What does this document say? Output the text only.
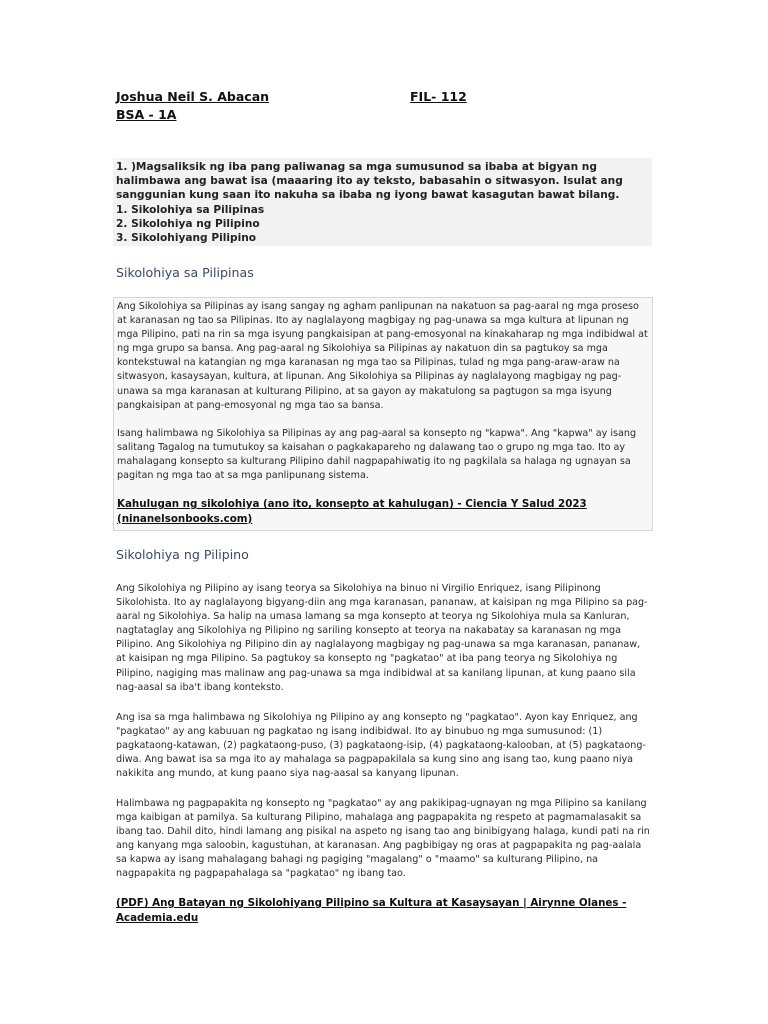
Joshua Neil S. Abacan	FIL- 112
BSA - 1A

1. )Magsaliksik ng iba pang paliwanag sa mga sumusunod sa ibaba at bigyan ng halimbawa ang bawat isa (maaaring ito ay teksto, babasahin o sitwasyon. Isulat ang sanggunian kung saan ito nakuha sa ibaba ng iyong bawat kasagutan bawat bilang.

1. Sikolohiya sa Pilipinas

2. Sikolohiya ng Pilipino

3. Sikolohiyang Pilipino

Sikolohiya sa Pilipinas

Ang Sikolohiya sa Pilipinas ay isang sangay ng agham panlipunan na nakatuon sa pag-aaral ng mga proseso at karanasan ng tao sa Pilipinas. Ito ay naglalayong magbigay ng pag-unawa sa mga kultura at lipunan ng mga Pilipino, pati na rin sa mga isyung pangkaisipan at pang-emosyonal na kinakaharap ng mga indibidwal at ng mga grupo sa bansa. Ang pag-aaral ng Sikolohiya sa Pilipinas ay nakatuon din sa pagtukoy sa mga kontekstuwal na katangian ng mga karanasan ng mga tao sa Pilipinas, tulad ng mga pang-araw-araw na sitwasyon, kasaysayan, kultura, at lipunan. Ang Sikolohiya sa Pilipinas ay naglalayong magbigay ng pag-unawa sa mga karanasan at kulturang Pilipino, at sa gayon ay makatulong sa pagtugon sa mga isyung pangkaisipan at pang-emosyonal ng mga tao sa bansa.

Isang halimbawa ng Sikolohiya sa Pilipinas ay ang pag-aaral sa konsepto ng "kapwa". Ang "kapwa" ay isang salitang Tagalog na tumutukoy sa kaisahan o pagkakapareho ng dalawang tao o grupo ng mga tao. Ito ay mahalagang konsepto sa kulturang Pilipino dahil nagpapahiwatig ito ng pagkilala sa halaga ng ugnayan sa pagitan ng mga tao at sa mga panlipunang sistema.

Kahulugan ng sikolohiya (ano ito, konsepto at kahulugan) - Ciencia Y Salud 2023 (ninanelsonbooks.com)
Sikolohiya ng Pilipino

Ang Sikolohiya ng Pilipino ay isang teorya sa Sikolohiya na binuo ni Virgilio Enriquez, isang Pilipinong Sikolohista. Ito ay naglalayong bigyang-diin ang mga karanasan, pananaw, at kaisipan ng mga Pilipino sa pag-aaral ng Sikolohiya. Sa halip na umasa lamang sa mga konsepto at teorya ng Sikolohiya mula sa Kanluran, nagtataglay ang Sikolohiya ng Pilipino ng sariling konsepto at teorya na nakabatay sa karanasan ng mga Pilipino. Ang Sikolohiya ng Pilipino din ay naglalayong magbigay ng pag-unawa sa mga karanasan, pananaw, at kaisipan ng mga Pilipino. Sa pagtukoy sa konsepto ng "pagkatao" at iba pang teorya ng Sikolohiya ng Pilipino, nagiging mas malinaw ang pag-unawa sa mga indibidwal at sa kanilang lipunan, at kung paano sila nag-aasal sa iba't ibang konteksto.

Ang isa sa mga halimbawa ng Sikolohiya ng Pilipino ay ang konsepto ng "pagkatao". Ayon kay Enriquez, ang "pagkatao" ay ang kabuuan ng pagkatao ng isang indibidwal. Ito ay binubuo ng mga sumusunod: (1) pagkataong-katawan, (2) pagkataong-puso, (3) pagkataong-isip, (4) pagkataong-kalooban, at (5) pagkataong-diwa. Ang bawat isa sa mga ito ay mahalaga sa pagpapakilala sa kung sino ang isang tao, kung paano niya nakikita ang mundo, at kung paano siya nag-aasal sa kanyang lipunan.

Halimbawa ng pagpapakita ng konsepto ng "pagkatao" ay ang pakikipag-ugnayan ng mga Pilipino sa kanilang mga kaibigan at pamilya. Sa kulturang Pilipino, mahalaga ang pagpapakita ng respeto at pagmamalasakit sa ibang tao. Dahil dito, hindi lamang ang pisikal na aspeto ng isang tao ang binibigyang halaga, kundi pati na rin ang kanyang mga saloobin, kagustuhan, at karanasan. Ang pagbibigay ng oras at pagpapakita ng pag-aalala sa kapwa ay isang mahalagang bahagi ng pagiging "magalang" o "maamo" sa kulturang Pilipino, na nagpapakita ng pagpapahalaga sa "pagkatao" ng ibang tao.

(PDF) Ang Batayan ng Sikolohiyang Pilipino sa Kultura at Kasaysayan | Airynne Olanes - Academia.edu
